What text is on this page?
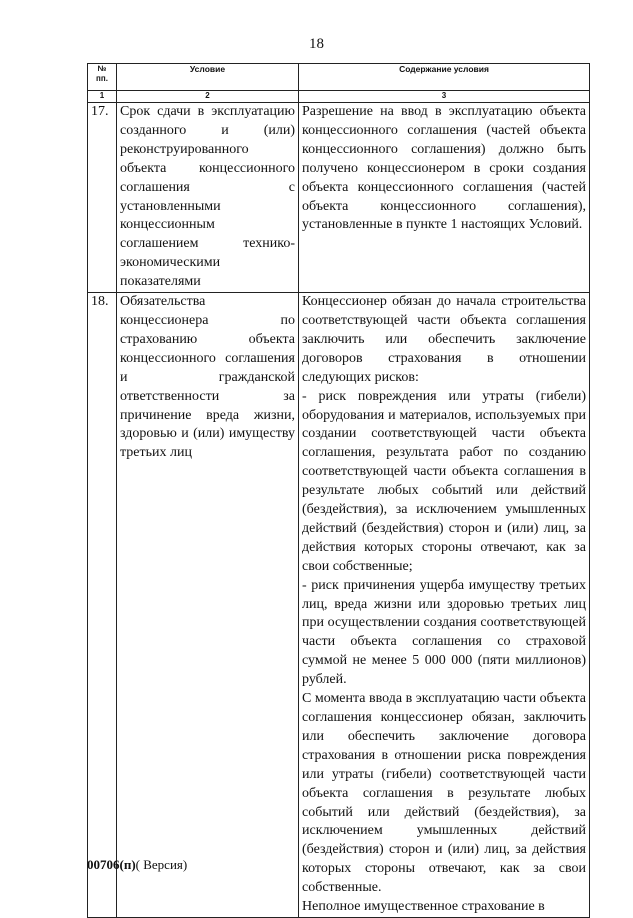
18
№ пп.	Условие	Содержание условия
1	2	3
17.	Срок сдачи в эксплуатацию созданного и (или) реконструированного объекта концессионного соглашения с установленными концессионным соглашением технико-экономическими показателями	Разрешение на ввод в эксплуатацию объекта концессионного соглашения (частей объекта концессионного соглашения) должно быть получено концессионером в сроки создания объекта концессионного соглашения (частей объекта концессионного соглашения), установленные в пункте 1 настоящих Условий.

18.	Обязательства концессионера по страхованию объекта концессионного соглашения и гражданской ответственности за причинение вреда жизни, здоровью и (или) имуществу третьих лиц	Концессионер обязан до начала строительства соответствующей части объекта соглашения заключить или обеспечить заключение договоров страхования в отношении следующих рисков:

- риск повреждения или утраты (гибели) оборудования и материалов, используемых при создании соответствующей части объекта соглашения, результата работ по созданию соответствующей части объекта соглашения в результате любых событий или действий (бездействия), за исключением умышленных действий (бездействия) сторон и (или) лиц, за действия которых стороны отвечают, как за свои собственные;

- риск причинения ущерба имуществу третьих лиц, вреда жизни или здоровью третьих лиц при осуществлении создания соответствующей части объекта соглашения со страховой суммой не менее 5 000 000 (пяти миллионов) рублей.

С момента ввода в эксплуатацию части объекта соглашения концессионер обязан, заключить или обеспечить заключение договора страхования в отношении риска повреждения или утраты (гибели) соответствующей части объекта соглашения в результате любых событий или действий (бездействия), за исключением умышленных действий (бездействия) сторон и (или) лиц, за действия которых стороны отвечают, как за свои собственные.

Неполное имущественное страхование в

00706(п)( Версия)
